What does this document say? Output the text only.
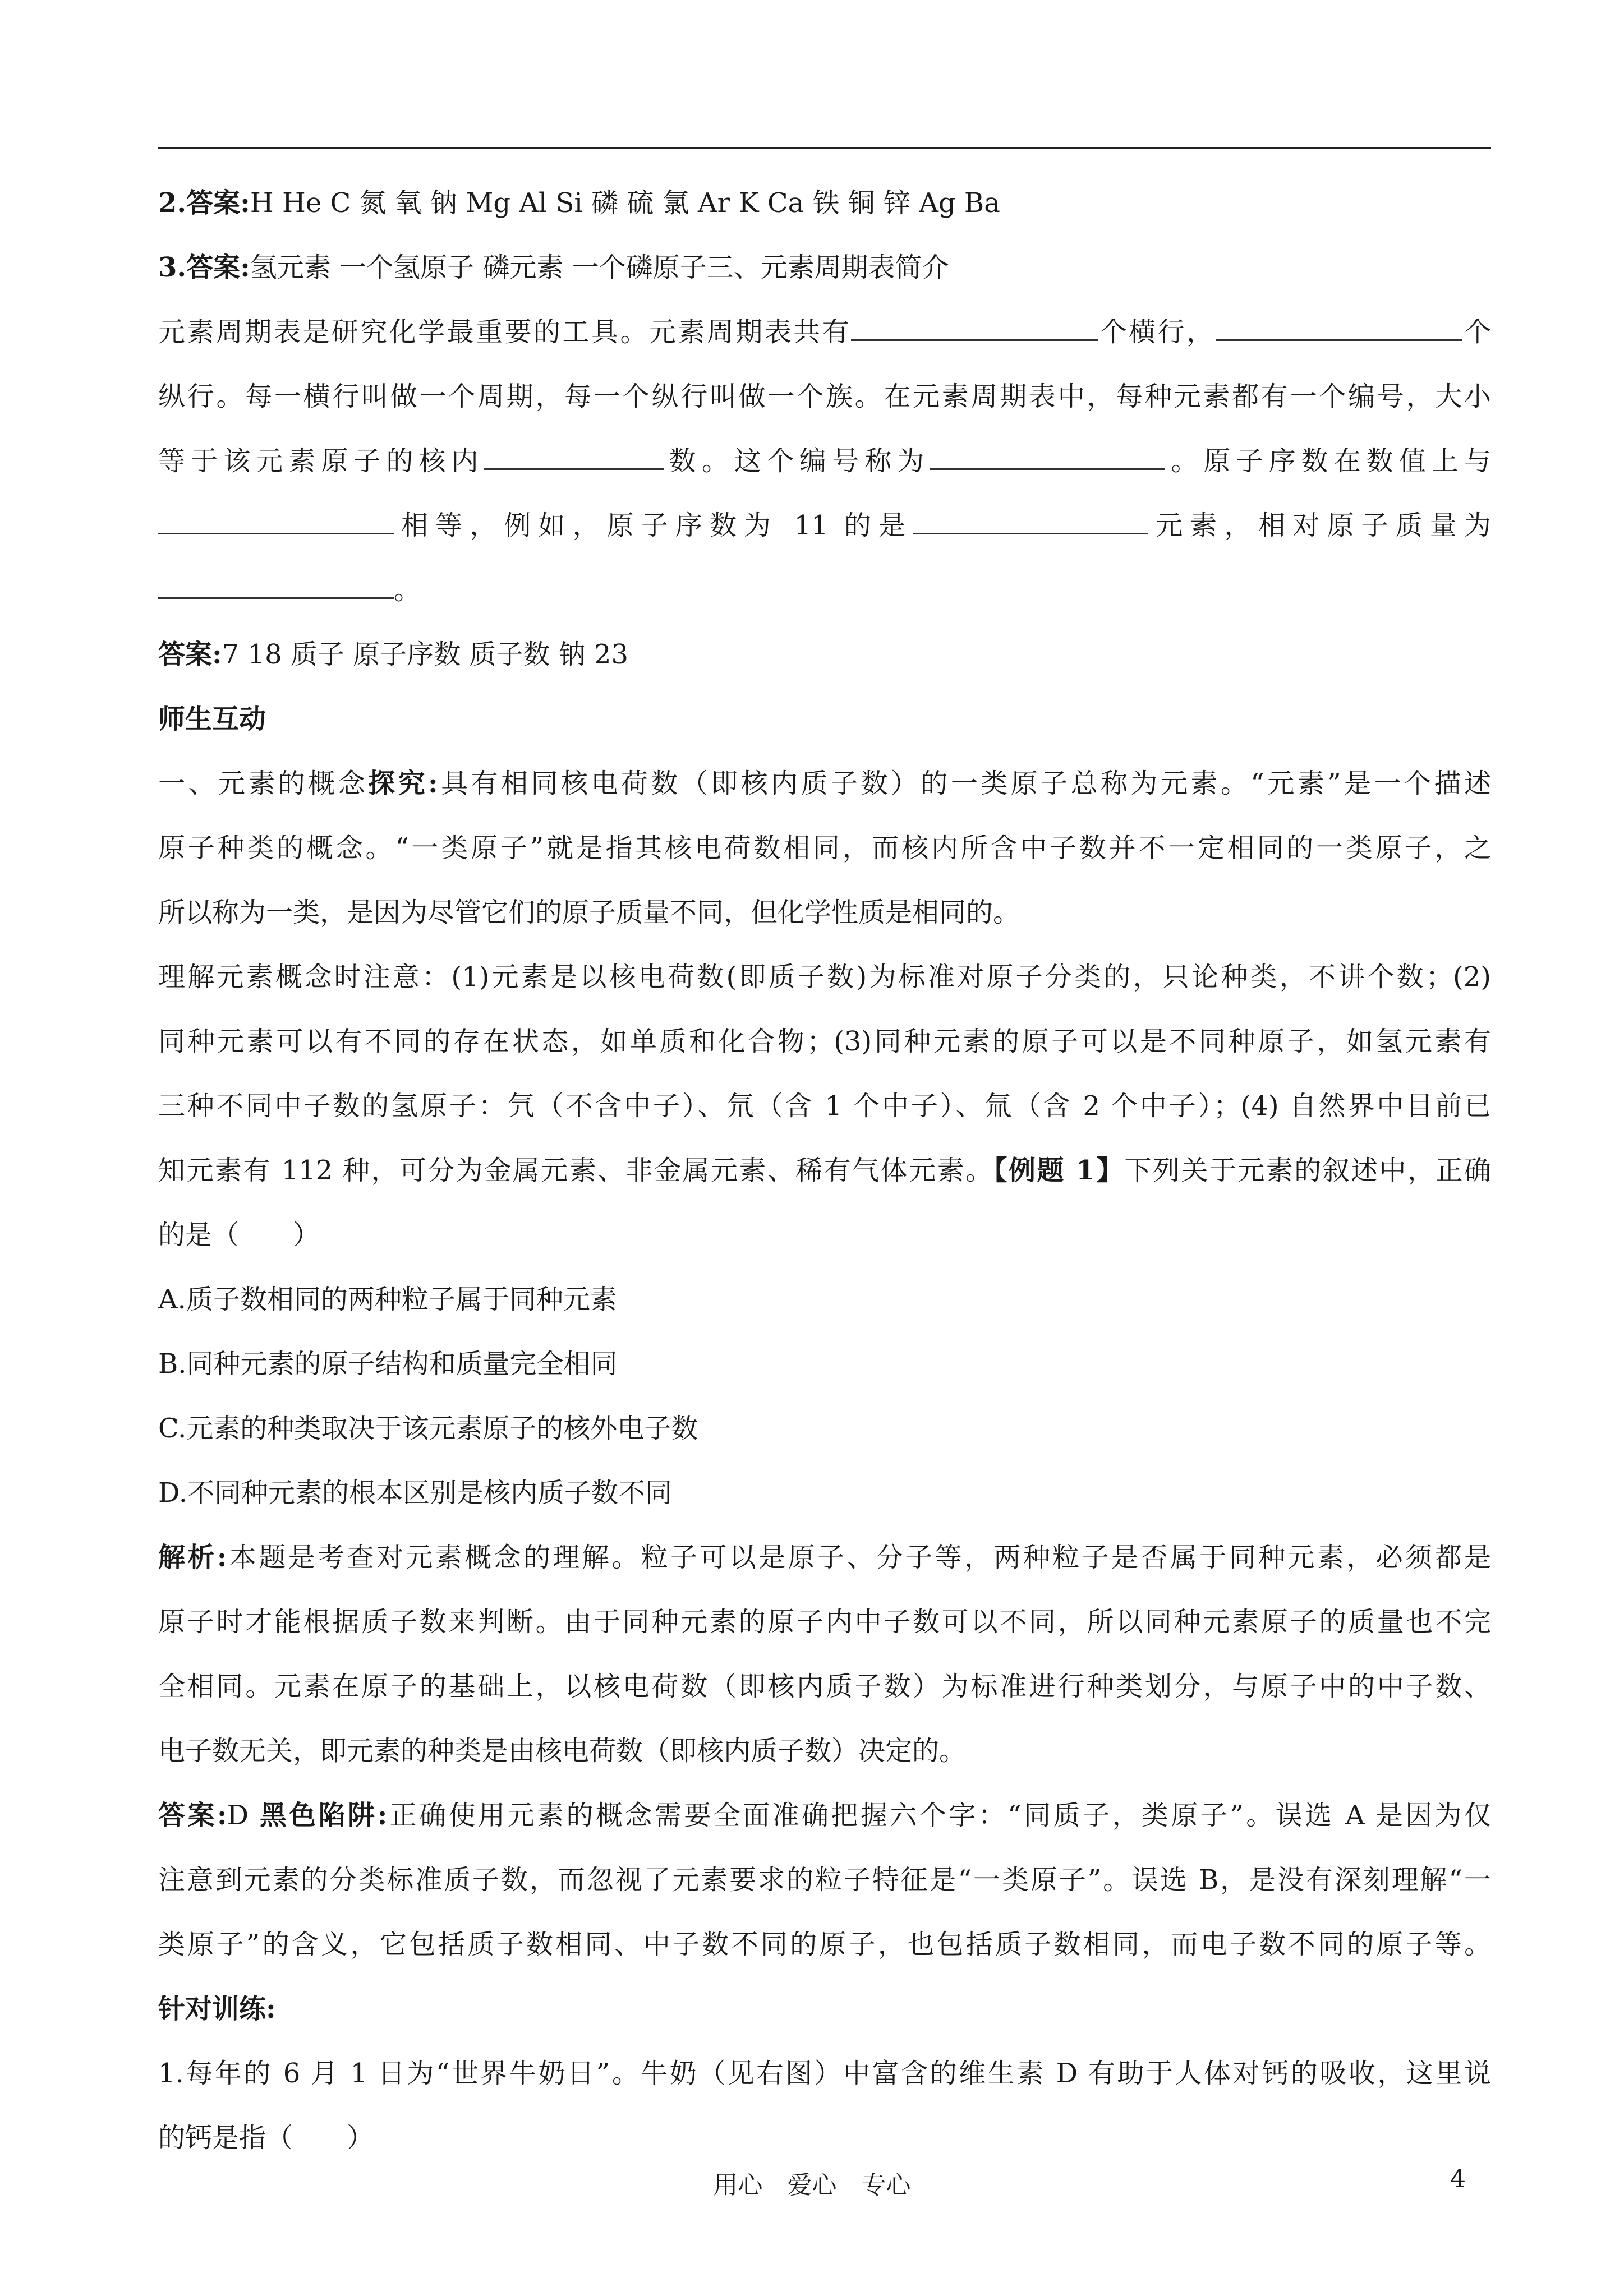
2.答案:H He C 氮 氧 钠 Mg Al Si 磷 硫 氯 Ar K Ca 铁 铜 锌 Ag Ba

3.答案:氢元素 一个氢原子 磷元素 一个磷原子三、元素周期表简介

元素周期表是研究化学最重要的工具。元素周期表共有	个横行，	个

纵行。每一横行叫做一个周期，每一个纵行叫做一个族。在元素周期表中，每种元素都有一个编号，大小

等于该元素原子的核内	数。这个编号称为	。原子序数在数值上与

相等，例如，原子序数为 11 的是	元素，相对原子质量为

。

答案:7 18 质子 原子序数 质子数 钠 23

师生互动

一、元素的概念探究:具有相同核电荷数（即核内质子数）的一类原子总称为元素。“元素”是一个描述

原子种类的概念。“一类原子”就是指其核电荷数相同，而核内所含中子数并不一定相同的一类原子，之

所以称为一类，是因为尽管它们的原子质量不同，但化学性质是相同的。

理解元素概念时注意：(1)元素是以核电荷数(即质子数)为标准对原子分类的，只论种类，不讲个数；(2)

同种元素可以有不同的存在状态，如单质和化合物；(3)同种元素的原子可以是不同种原子，如氢元素有

三种不同中子数的氢原子：氕（不含中子）、氘（含 1 个中子）、氚（含 2 个中子）；(4) 自然界中目前已

知元素有 112 种，可分为金属元素、非金属元素、稀有气体元素。【例题 1】下列关于元素的叙述中，正确

的是（　　）

A.质子数相同的两种粒子属于同种元素

B.同种元素的原子结构和质量完全相同

C.元素的种类取决于该元素原子的核外电子数

D.不同种元素的根本区别是核内质子数不同

解析:本题是考查对元素概念的理解。粒子可以是原子、分子等，两种粒子是否属于同种元素，必须都是

原子时才能根据质子数来判断。由于同种元素的原子内中子数可以不同，所以同种元素原子的质量也不完

全相同。元素在原子的基础上，以核电荷数（即核内质子数）为标准进行种类划分，与原子中的中子数、

电子数无关，即元素的种类是由核电荷数（即核内质子数）决定的。

答案:D 黑色陷阱:正确使用元素的概念需要全面准确把握六个字：“同质子，类原子”。误选 A 是因为仅

注意到元素的分类标准质子数，而忽视了元素要求的粒子特征是“一类原子”。误选 B，是没有深刻理解“一

类原子”的含义，它包括质子数相同、中子数不同的原子，也包括质子数相同，而电子数不同的原子等。

针对训练:

1.每年的 6 月 1 日为“世界牛奶日”。牛奶（见右图）中富含的维生素 D 有助于人体对钙的吸收，这里说

的钙是指（　　）

用心　爱心　专心	4
